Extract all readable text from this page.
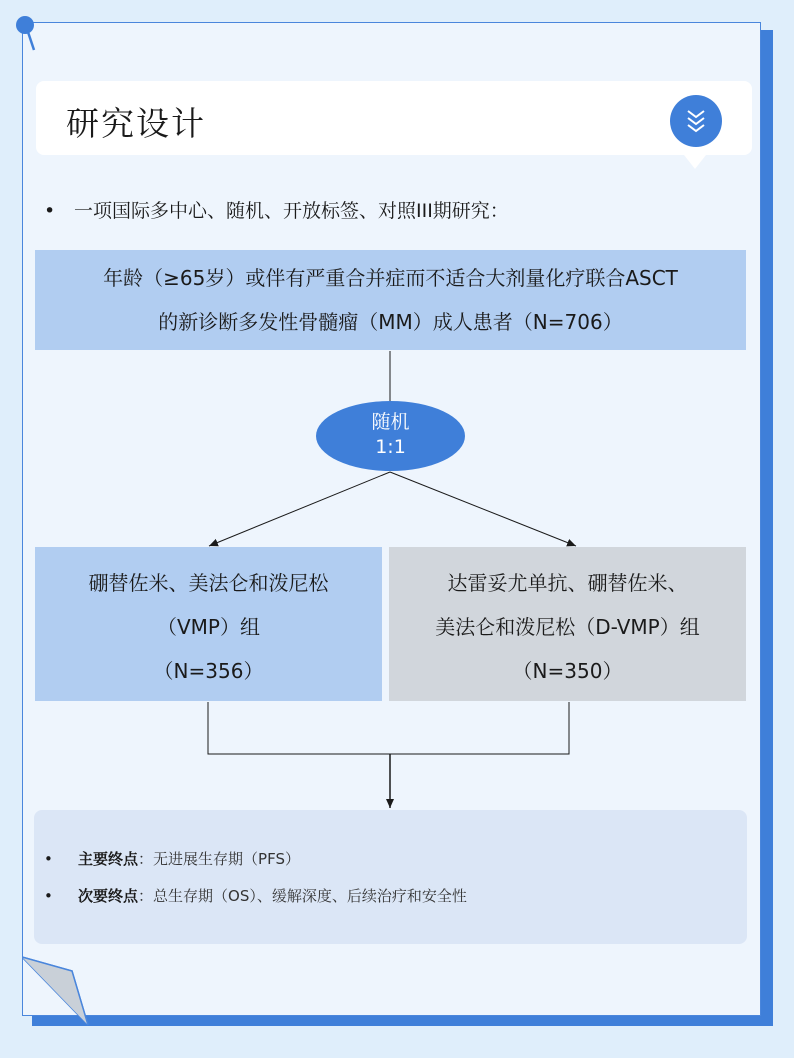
研究设计
• 一项国际多中心、随机、开放标签、对照III期研究：
年龄（≥65岁）或伴有严重合并症而不适合大剂量化疗联合ASCT
的新诊断多发性骨髓瘤（MM）成人患者（N=706）
随机
1:1
硼替佐米、美法仑和泼尼松
（VMP）组
（N=356）
达雷妥尤单抗、硼替佐米、
美法仑和泼尼松（D-VMP）组
（N=350）
• 主要终点：无进展生存期（PFS）
• 次要终点：总生存期（OS）、缓解深度、后续治疗和安全性
